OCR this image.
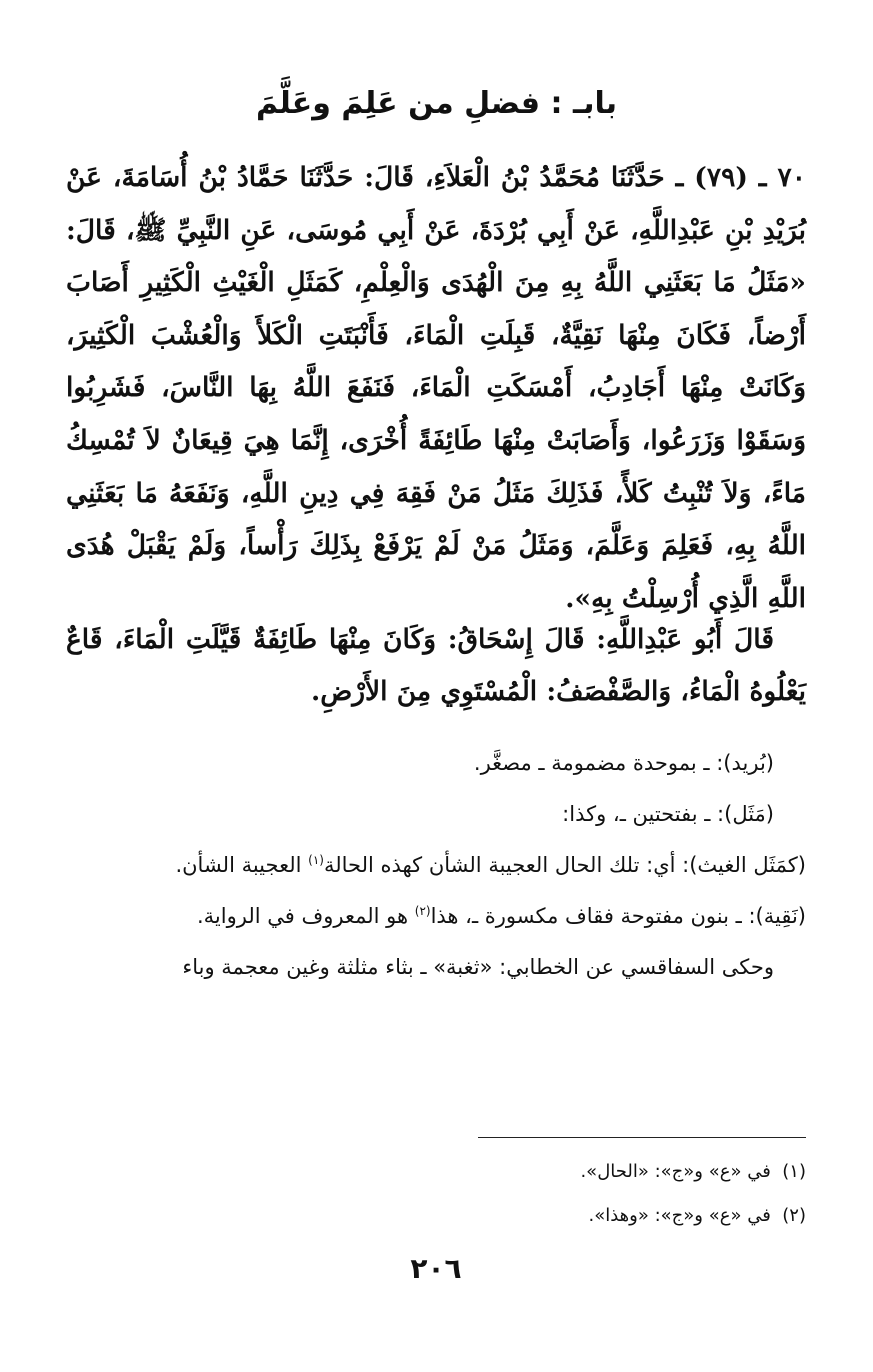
بابـ : فضلِ من عَلِمَ وعَلَّمَ
٧٠ ـ (٧٩) ـ حَدَّثَنَا مُحَمَّدُ بْنُ الْعَلاَءِ، قَالَ: حَدَّثَنَا حَمَّادُ بْنُ أُسَامَةَ، عَنْ بُرَيْدِ بْنِ عَبْدِاللَّهِ، عَنْ أَبِي بُرْدَةَ، عَنْ أَبِي مُوسَى، عَنِ النَّبِيِّ ﷺ، قَالَ: «مَثَلُ مَا بَعَثَنِي اللَّهُ بِهِ مِنَ الْهُدَى وَالْعِلْمِ، كَمَثَلِ الْغَيْثِ الْكَثِيرِ أَصَابَ أَرْضاً، فَكَانَ مِنْهَا نَقِيَّةٌ، قَبِلَتِ الْمَاءَ، فَأَنْبَتَتِ الْكَلأَ وَالْعُشْبَ الْكَثِيرَ، وَكَانَتْ مِنْهَا أَجَادِبُ، أَمْسَكَتِ الْمَاءَ، فَنَفَعَ اللَّهُ بِهَا النَّاسَ، فَشَرِبُوا وَسَقَوْا وَزَرَعُوا، وَأَصَابَتْ مِنْهَا طَائِفَةً أُخْرَى، إِنَّمَا هِيَ قِيعَانٌ لاَ تُمْسِكُ مَاءً، وَلاَ تُنْبِتُ كَلأً، فَذَلِكَ مَثَلُ مَنْ فَقِهَ فِي دِينِ اللَّهِ، وَنَفَعَهُ مَا بَعَثَنِي اللَّهُ بِهِ، فَعَلِمَ وَعَلَّمَ، وَمَثَلُ مَنْ لَمْ يَرْفَعْ بِذَلِكَ رَأْساً، وَلَمْ يَقْبَلْ هُدَى اللَّهِ الَّذِي أُرْسِلْتُ بِهِ».
قَالَ أَبُو عَبْدِاللَّهِ: قَالَ إِسْحَاقُ: وَكَانَ مِنْهَا طَائِفَةٌ قَيَّلَتِ الْمَاءَ، قَاعٌ يَعْلُوهُ الْمَاءُ، وَالصَّفْصَفُ: الْمُسْتَوِي مِنَ الأَرْضِ.

(بُريد): ـ بموحدة مضمومة ـ مصغَّر.

(مَثَل): ـ بفتحتين ـ، وكذا:

(كمَثَل الغيث): أي: تلك الحال العجيبة الشأن كهذه الحالة$^{(١)}$ العجيبة الشأن.

(نَقِية): ـ بنون مفتوحة فقاف مكسورة ـ، هذا$^{(٢)}$ هو المعروف في الرواية.

وحكى السفاقسي عن الخطابي: «ثغبة» ـ بثاء مثلثة وغين معجمة وباء

(١)  في «ع» و«ج»: «الحال».

(٢)  في «ع» و«ج»: «وهذا».

٢٠٦
